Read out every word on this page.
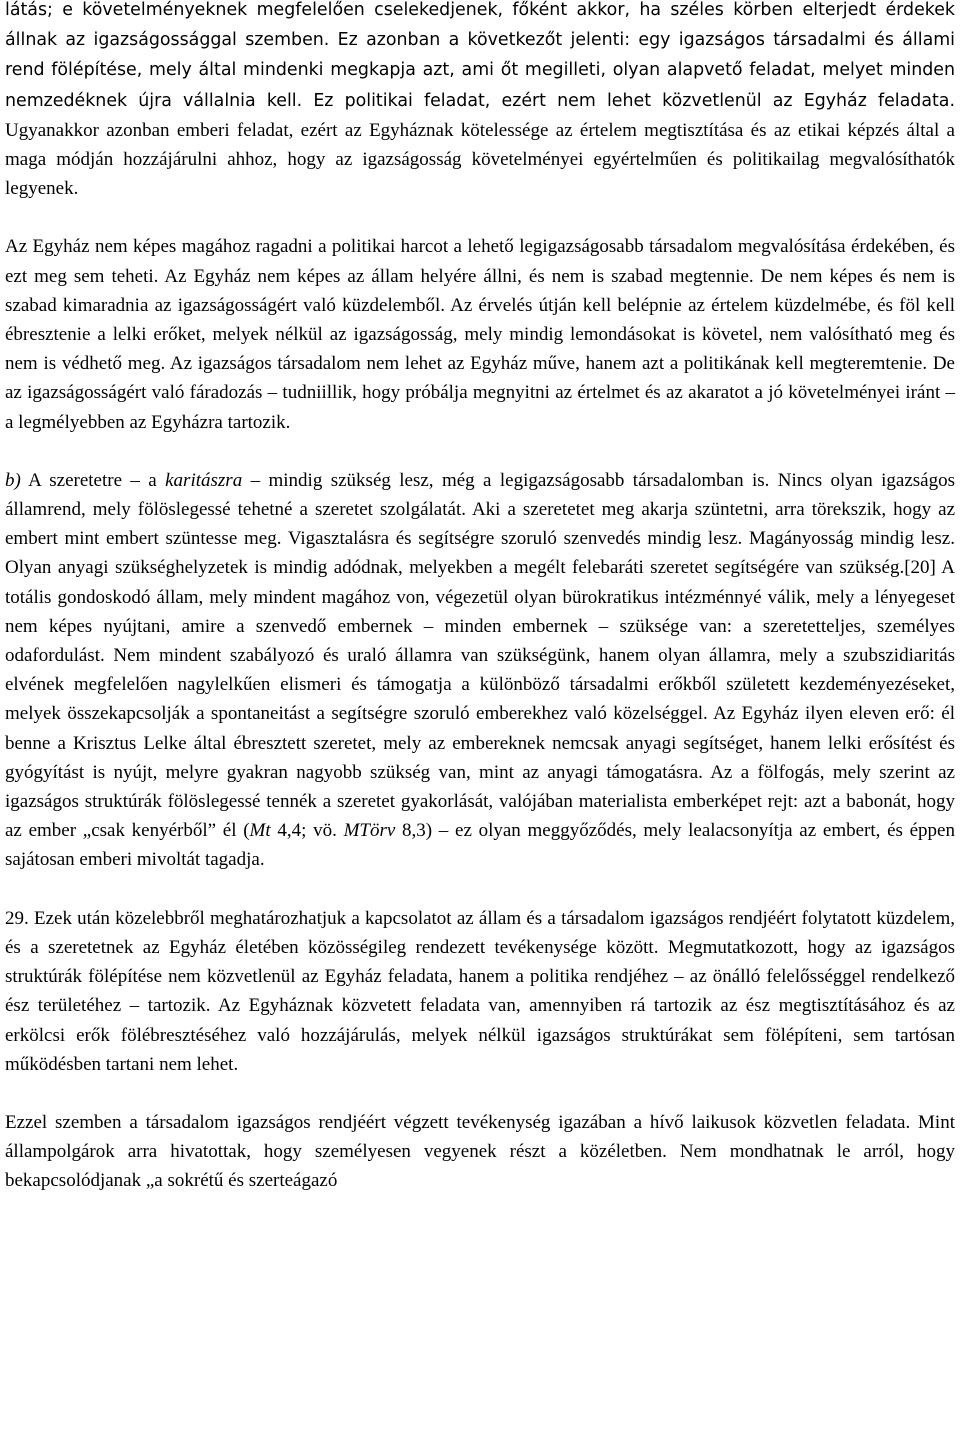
látás; e követelményeknek megfelelően cselekedjenek, főként akkor, ha széles körben elterjedt érdekek állnak az igazságossággal szemben. Ez azonban a következőt jelenti: egy igazságos társadalmi és állami rend fölépítése, mely által mindenki megkapja azt, ami őt megilleti, olyan alapvető feladat, melyet minden nemzedéknek újra vállalnia kell. Ez politikai feladat, ezért nem lehet közvetlenül az Egyház feladata. Ugyanakkor azonban emberi feladat, ezért az Egyháznak kötelessége az értelem megtisztítása és az etikai képzés által a maga módján hozzájárulni ahhoz, hogy az igazságosság követelményei egyértelműen és politikailag megvalósíthatók legyenek.

Az Egyház nem képes magához ragadni a politikai harcot a lehető legigazságosabb társadalom megvalósítása érdekében, és ezt meg sem teheti. Az Egyház nem képes az állam helyére állni, és nem is szabad megtennie. De nem képes és nem is szabad kimaradnia az igazságosságért való küzdelemből. Az érvelés útján kell belépnie az értelem küzdelmébe, és föl kell ébresztenie a lelki erőket, melyek nélkül az igazságosság, mely mindig lemondásokat is követel, nem valósítható meg és nem is védhető meg. Az igazságos társadalom nem lehet az Egyház műve, hanem azt a politikának kell megteremtenie. De az igazságosságért való fáradozás – tudniillik, hogy próbálja megnyitni az értelmet és az akaratot a jó követelményei iránt – a legmélyebben az Egyházra tartozik.

b) A szeretetre – a karitászra – mindig szükség lesz, még a legigazságosabb társadalomban is. Nincs olyan igazságos államrend, mely fölöslegessé tehetné a szeretet szolgálatát. Aki a szeretetet meg akarja szüntetni, arra törekszik, hogy az embert mint embert szüntesse meg. Vigasztalásra és segítségre szoruló szenvedés mindig lesz. Magányosság mindig lesz. Olyan anyagi szükséghelyzetek is mindig adódnak, melyekben a megélt felebaráti szeretet segítségére van szükség.[20] A totális gondoskodó állam, mely mindent magához von, végezetül olyan bürokratikus intézménnyé válik, mely a lényegeset nem képes nyújtani, amire a szenvedő embernek – minden embernek – szüksége van: a szeretetteljes, személyes odafordulást. Nem mindent szabályozó és uraló államra van szükségünk, hanem olyan államra, mely a szubszidiaritás elvének megfelelően nagylelkűen elismeri és támogatja a különböző társadalmi erőkből született kezdeményezéseket, melyek összekapcsolják a spontaneitást a segítségre szoruló emberekhez való közelséggel. Az Egyház ilyen eleven erő: él benne a Krisztus Lelke által ébresztett szeretet, mely az embereknek nemcsak anyagi segítséget, hanem lelki erősítést és gyógyítást is nyújt, melyre gyakran nagyobb szükség van, mint az anyagi támogatásra. Az a fölfogás, mely szerint az igazságos struktúrák fölöslegessé tennék a szeretet gyakorlását, valójában materialista emberképet rejt: azt a babonát, hogy az ember „csak kenyérből” él (Mt 4,4; vö. MTörv 8,3) – ez olyan meggyőződés, mely lealacsonyítja az embert, és éppen sajátosan emberi mivoltát tagadja.

29. Ezek után közelebbről meghatározhatjuk a kapcsolatot az állam és a társadalom igazságos rendjéért folytatott küzdelem, és a szeretetnek az Egyház életében közösségileg rendezett tevékenysége között. Megmutatkozott, hogy az igazságos struktúrák fölépítése nem közvetlenül az Egyház feladata, hanem a politika rendjéhez – az önálló felelősséggel rendelkező ész területéhez – tartozik. Az Egyháznak közvetett feladata van, amennyiben rá tartozik az ész megtisztításához és az erkölcsi erők fölébresztéséhez való hozzájárulás, melyek nélkül igazságos struktúrákat sem fölépíteni, sem tartósan működésben tartani nem lehet.

Ezzel szemben a társadalom igazságos rendjéért végzett tevékenység igazában a hívő laikusok közvetlen feladata. Mint állampolgárok arra hivatottak, hogy személyesen vegyenek részt a közéletben. Nem mondhatnak le arról, hogy bekapcsolódjanak „a sokrétű és szerteágazó
